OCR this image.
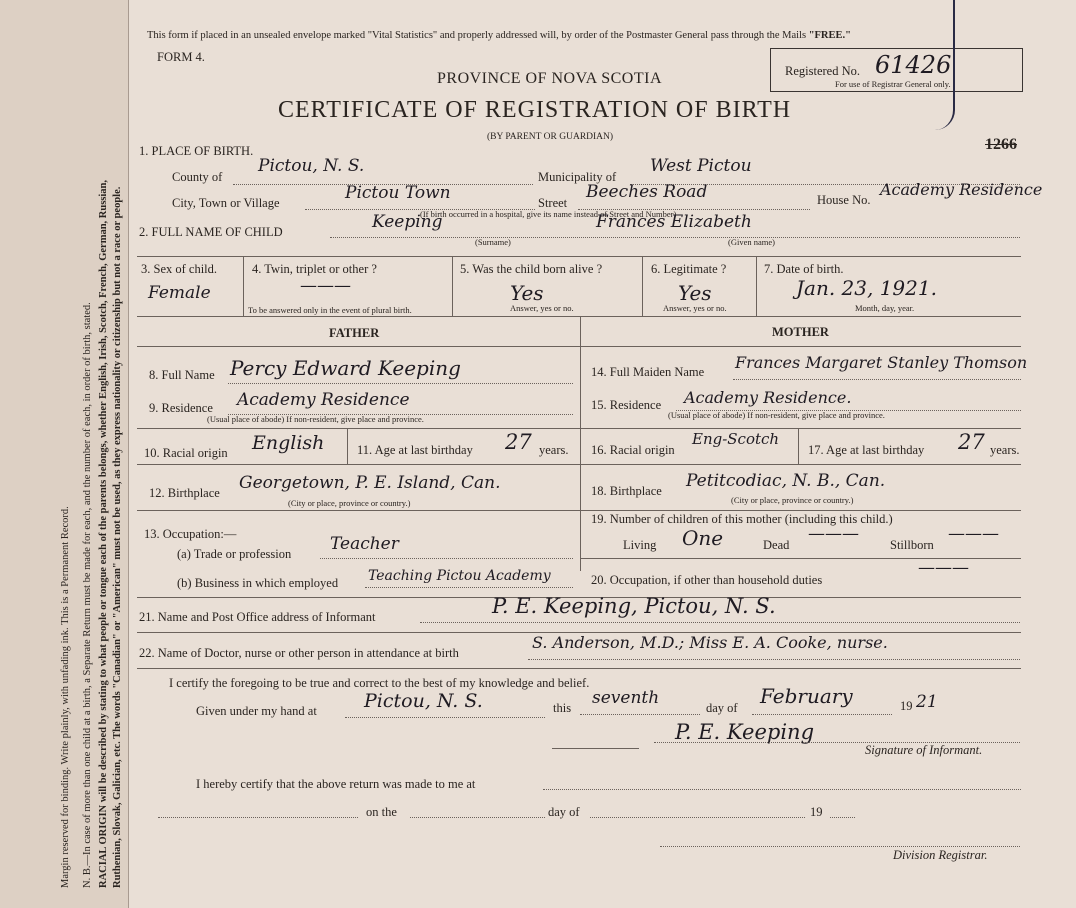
Margin reserved for binding. Write plainly, with unfading ink. This is a Permanent Record. N. B.—In case of more than one child at a birth, a Separate Return must be made for each, and the number of each, in order of birth, stated. RACIAL ORIGIN will be described by stating to what people or tongue each of the parents belongs, whether English, Irish, Scotch, French, German, Russian, Ruthenian, Slovak, Galician, etc. The words "Canadian" or "American" must not be used, as they express nationality or citizenship but not a race or people.
This form if placed in an unsealed envelope marked "Vital Statistics" and properly addressed will, by order of the Postmaster General pass through the Mails "FREE."
FORM 4.
PROVINCE OF NOVA SCOTIA
CERTIFICATE OF REGISTRATION OF BIRTH
(BY PARENT OR GUARDIAN)
Registered No. 61426
For use of Registrar General only.
1266
1. PLACE OF BIRTH.
County of
Pictou, N. S.
Municipality of
West Pictou
City, Town or Village	Pictou Town	Street
Beeches Road	House No.
Academy Residence
(If birth occurred in a hospital, give its name instead of Street and Number)
2. FULL NAME OF CHILD	Keeping
(Surname)
Frances Elizabeth
(Given name)
3. Sex of child.
Female
4. Twin, triplet or other ?
———
To be answered only in the event of plural birth.
5. Was the child born alive ?
Yes
Answer, yes or no.
6. Legitimate ?
Yes
Answer, yes or no.
7. Date of birth.
Jan. 23, 1921.
Month, day, year.
FATHER	MOTHER
8. Full Name Percy Edward Keeping
9. Residence Academy Residence
(Usual place of abode) If non-resident, give place and province.
10. Racial origin English	11. Age at last birthday 27 years.
12. Birthplace Georgetown, P. E. Island, Can.
(City or place, province or country.)
13. Occupation:—
(a) Trade or profession Teacher
(b) Business in which employed Teaching Pictou Academy
14. Full Maiden Name Frances Margaret Stanley Thomson
15. Residence Academy Residence.
(Usual place of abode) If non-resident, give place and province.
16. Racial origin
Eng-Scotch
17. Age at last birthday 27 years.
18. Birthplace Petitcodiac, N. B., Can.
(City or place, province or country.)
19. Number of children of this mother (including this child.)
Living One	Dead
———
Stillborn
———
20. Occupation, if other than household duties
———
21. Name and Post Office address of Informant	P. E. Keeping, Pictou, N. S.
22. Name of Doctor, nurse or other person in attendance at birth
S. Anderson, M.D.; Miss E. A. Cooke, nurse.
I certify the foregoing to be true and correct to the best of my knowledge and belief.
Given under my hand at Pictou, N. S.	this seventh	day of February	19 21
P. E. Keeping
Signature of Informant.
I hereby certify that the above return was made to me at
on the	day of	19
Division Registrar.
